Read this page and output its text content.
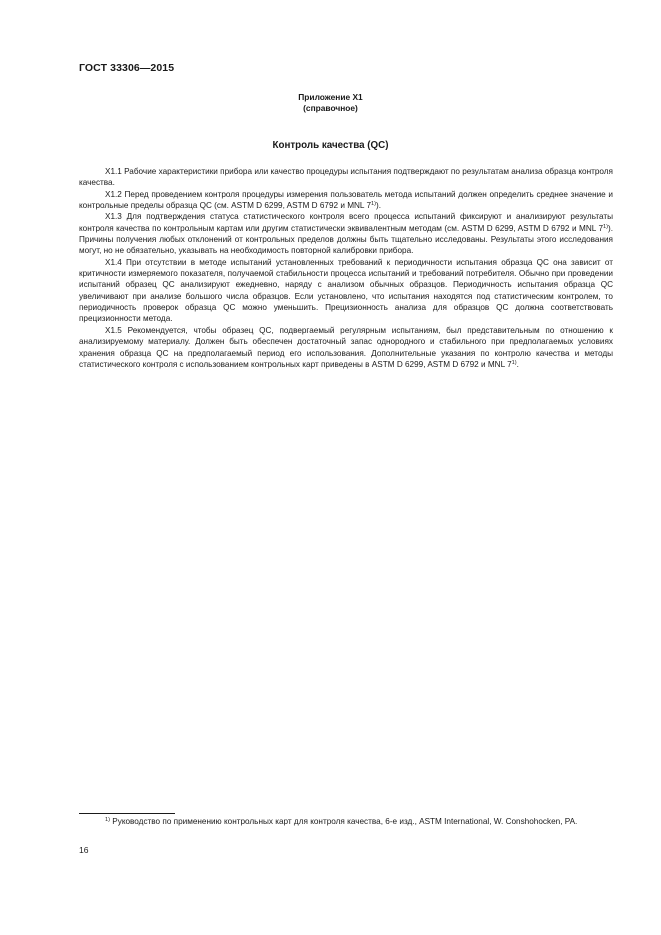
ГОСТ 33306—2015
Приложение X1
(справочное)
Контроль качества (QC)

X1.1 Рабочие характеристики прибора или качество процедуры испытания подтверждают по результатам анализа образца контроля качества.

X1.2 Перед проведением контроля процедуры измерения пользователь метода испытаний должен определить среднее значение и контрольные пределы образца QC (см. ASTM D 6299, ASTM D 6792 и MNL 7$^{1)}$).

X1.3 Для подтверждения статуса статистического контроля всего процесса испытаний фиксируют и анализируют результаты контроля качества по контрольным картам или другим статистически эквивалентным методам (см. ASTM D 6299, ASTM D 6792 и MNL 7$^{1)}$). Причины получения любых отклонений от контрольных пределов должны быть тщательно исследованы. Результаты этого исследования могут, но не обязательно, указывать на необходимость повторной калибровки прибора.

X1.4 При отсутствии в методе испытаний установленных требований к периодичности испытания образца QC она зависит от критичности измеряемого показателя, получаемой стабильности процесса испытаний и требований потребителя. Обычно при проведении испытаний образец QC анализируют ежедневно, наряду с анализом обычных образцов. Периодичность испытания образца QC увеличивают при анализе большого числа образцов. Если установлено, что испытания находятся под статистическим контролем, то периодичность проверок образца QC можно уменьшить. Прецизионность анализа для образцов QC должна соответствовать прецизионности метода.

X1.5 Рекомендуется, чтобы образец QC, подвергаемый регулярным испытаниям, был представительным по отношению к анализируемому материалу. Должен быть обеспечен достаточный запас однородного и стабильного при предполагаемых условиях хранения образца QC на предполагаемый период его использования. Дополнительные указания по контролю качества и методы статистического контроля с использованием контрольных карт приведены в ASTM D 6299, ASTM D 6792 и MNL 7$^{1)}$.

$^{1)}$ Руководство по применению контрольных карт для контроля качества, 6-е изд., ASTM International, W. Conshohocken, PA.
16
